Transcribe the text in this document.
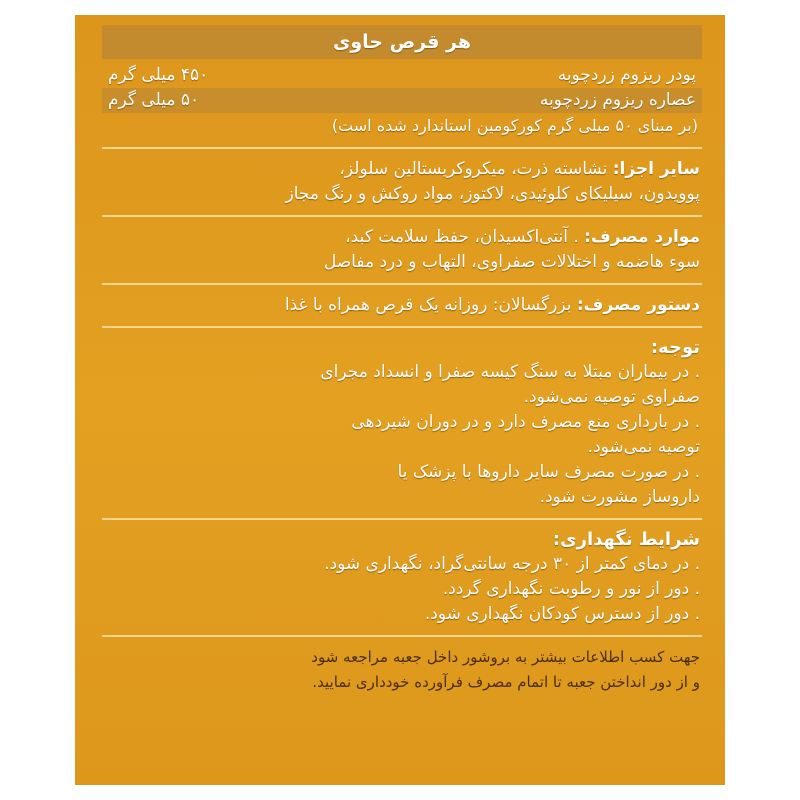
هر قرص حاوی
پودر ریزوم زردچوبه
۴۵۰ میلی گرم
عصاره ریزوم زردچوبه
۵۰ میلی گرم
(بر مبنای ۵۰ میلی گرم کورکومین استاندارد شده است)
سایر اجزا: نشاسته ذرت، میکروکریستالین سلولز،
پوویدون، سیلیکای کلوئیدی، لاکتوز، مواد روکش و رنگ مجاز
موارد مصرف: . آنتی‌اکسیدان، حفظ سلامت کبد،
سوء هاضمه و اختلالات صفراوی، التهاب و درد مفاصل
دستور مصرف: بزرگسالان: روزانه یک قرص همراه با غذا
توجه:
. در بیماران مبتلا به سنگ کیسه صفرا و انسداد مجرای
صفراوی توصیه نمی‌شود.
. در بارداری منع مصرف دارد و در دوران شیردهی
توصیه نمی‌شود.
. در صورت مصرف سایر داروها با پزشک یا
داروساز مشورت شود.
شرایط نگهداری:
. در دمای کمتر از ۳۰ درجه سانتی‌گراد، نگهداری شود.
. دور از نور و رطوبت نگهداری گردد.
. دور از دسترس کودکان نگهداری شود.
جهت کسب اطلاعات بیشتر به بروشور داخل جعبه مراجعه شود
و از دور انداختن جعبه تا اتمام مصرف فرآورده خودداری نمایید.
